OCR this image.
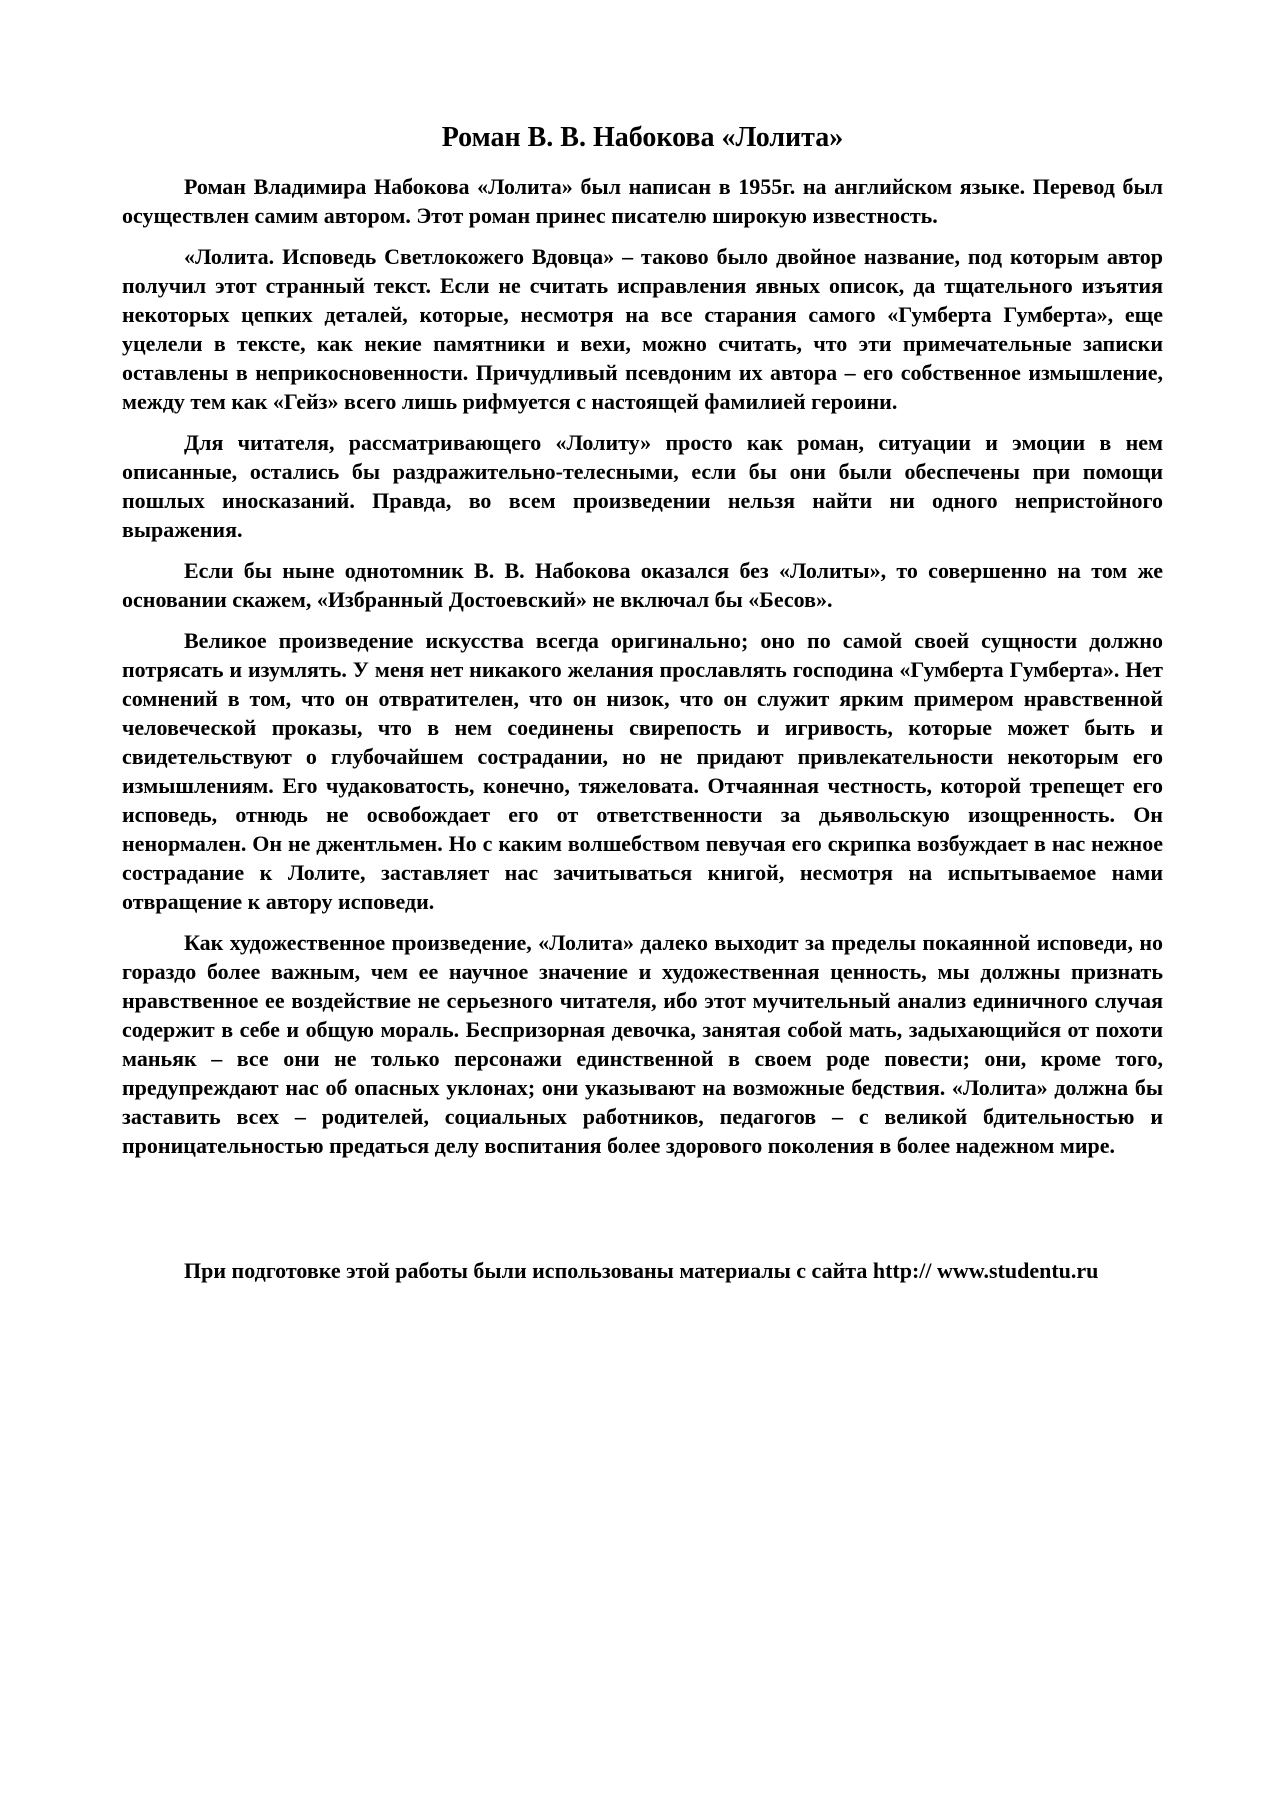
Роман В. В. Набокова «Лолита»

Роман Владимира Набокова «Лолита» был написан в 1955г. на английском языке. Перевод был осуществлен самим автором. Этот роман принес писателю широкую известность.

«Лолита. Исповедь Светлокожего Вдовца» – таково было двойное название, под которым автор получил этот странный текст. Если не считать исправления явных описок, да тщательного изъятия некоторых цепких деталей, которые, несмотря на все старания самого «Гумберта Гумберта», еще уцелели в тексте, как некие памятники и вехи, можно считать, что эти примечательные записки оставлены в неприкосновенности. Причудливый псевдоним их автора – его собственное измышление, между тем как «Гейз» всего лишь рифмуется с настоящей фамилией героини.

Для читателя, рассматривающего «Лолиту» просто как роман, ситуации и эмоции в нем описанные, остались бы раздражительно-телесными, если бы они были обеспечены при помощи пошлых иносказаний. Правда, во всем произведении нельзя найти ни одного непристойного выражения.

Если бы ныне однотомник В. В. Набокова оказался без «Лолиты», то совершенно на том же основании скажем, «Избранный Достоевский» не включал бы «Бесов».

Великое произведение искусства всегда оригинально; оно по самой своей сущности должно потрясать и изумлять. У меня нет никакого желания прославлять господина «Гумберта Гумберта». Нет сомнений в том, что он отвратителен, что он низок, что он служит ярким примером нравственной человеческой проказы, что в нем соединены свирепость и игривость, которые может быть и свидетельствуют о глубочайшем сострадании, но не придают привлекательности некоторым его измышлениям. Его чудаковатость, конечно, тяжеловата. Отчаянная честность, которой трепещет его исповедь, отнюдь не освобождает его от ответственности за дьявольскую изощренность. Он ненормален. Он не джентльмен. Но с каким волшебством певучая его скрипка возбуждает в нас нежное сострадание к Лолите, заставляет нас зачитываться книгой, несмотря на испытываемое нами отвращение к автору исповеди.

Как художественное произведение, «Лолита» далеко выходит за пределы покаянной исповеди, но гораздо более важным, чем ее научное значение и художественная ценность, мы должны признать нравственное ее воздействие не серьезного читателя, ибо этот мучительный анализ единичного случая содержит в себе и общую мораль. Беспризорная девочка, занятая собой мать, задыхающийся от похоти маньяк – все они не только персонажи единственной в своем роде повести; они, кроме того, предупреждают нас об опасных уклонах; они указывают на возможные бедствия. «Лолита» должна бы заставить всех – родителей, социальных работников, педагогов – с великой бдительностью и проницательностью предаться делу воспитания более здорового поколения в более надежном мире.

При подготовке этой работы были использованы материалы с сайта http:// www.studentu.ru
